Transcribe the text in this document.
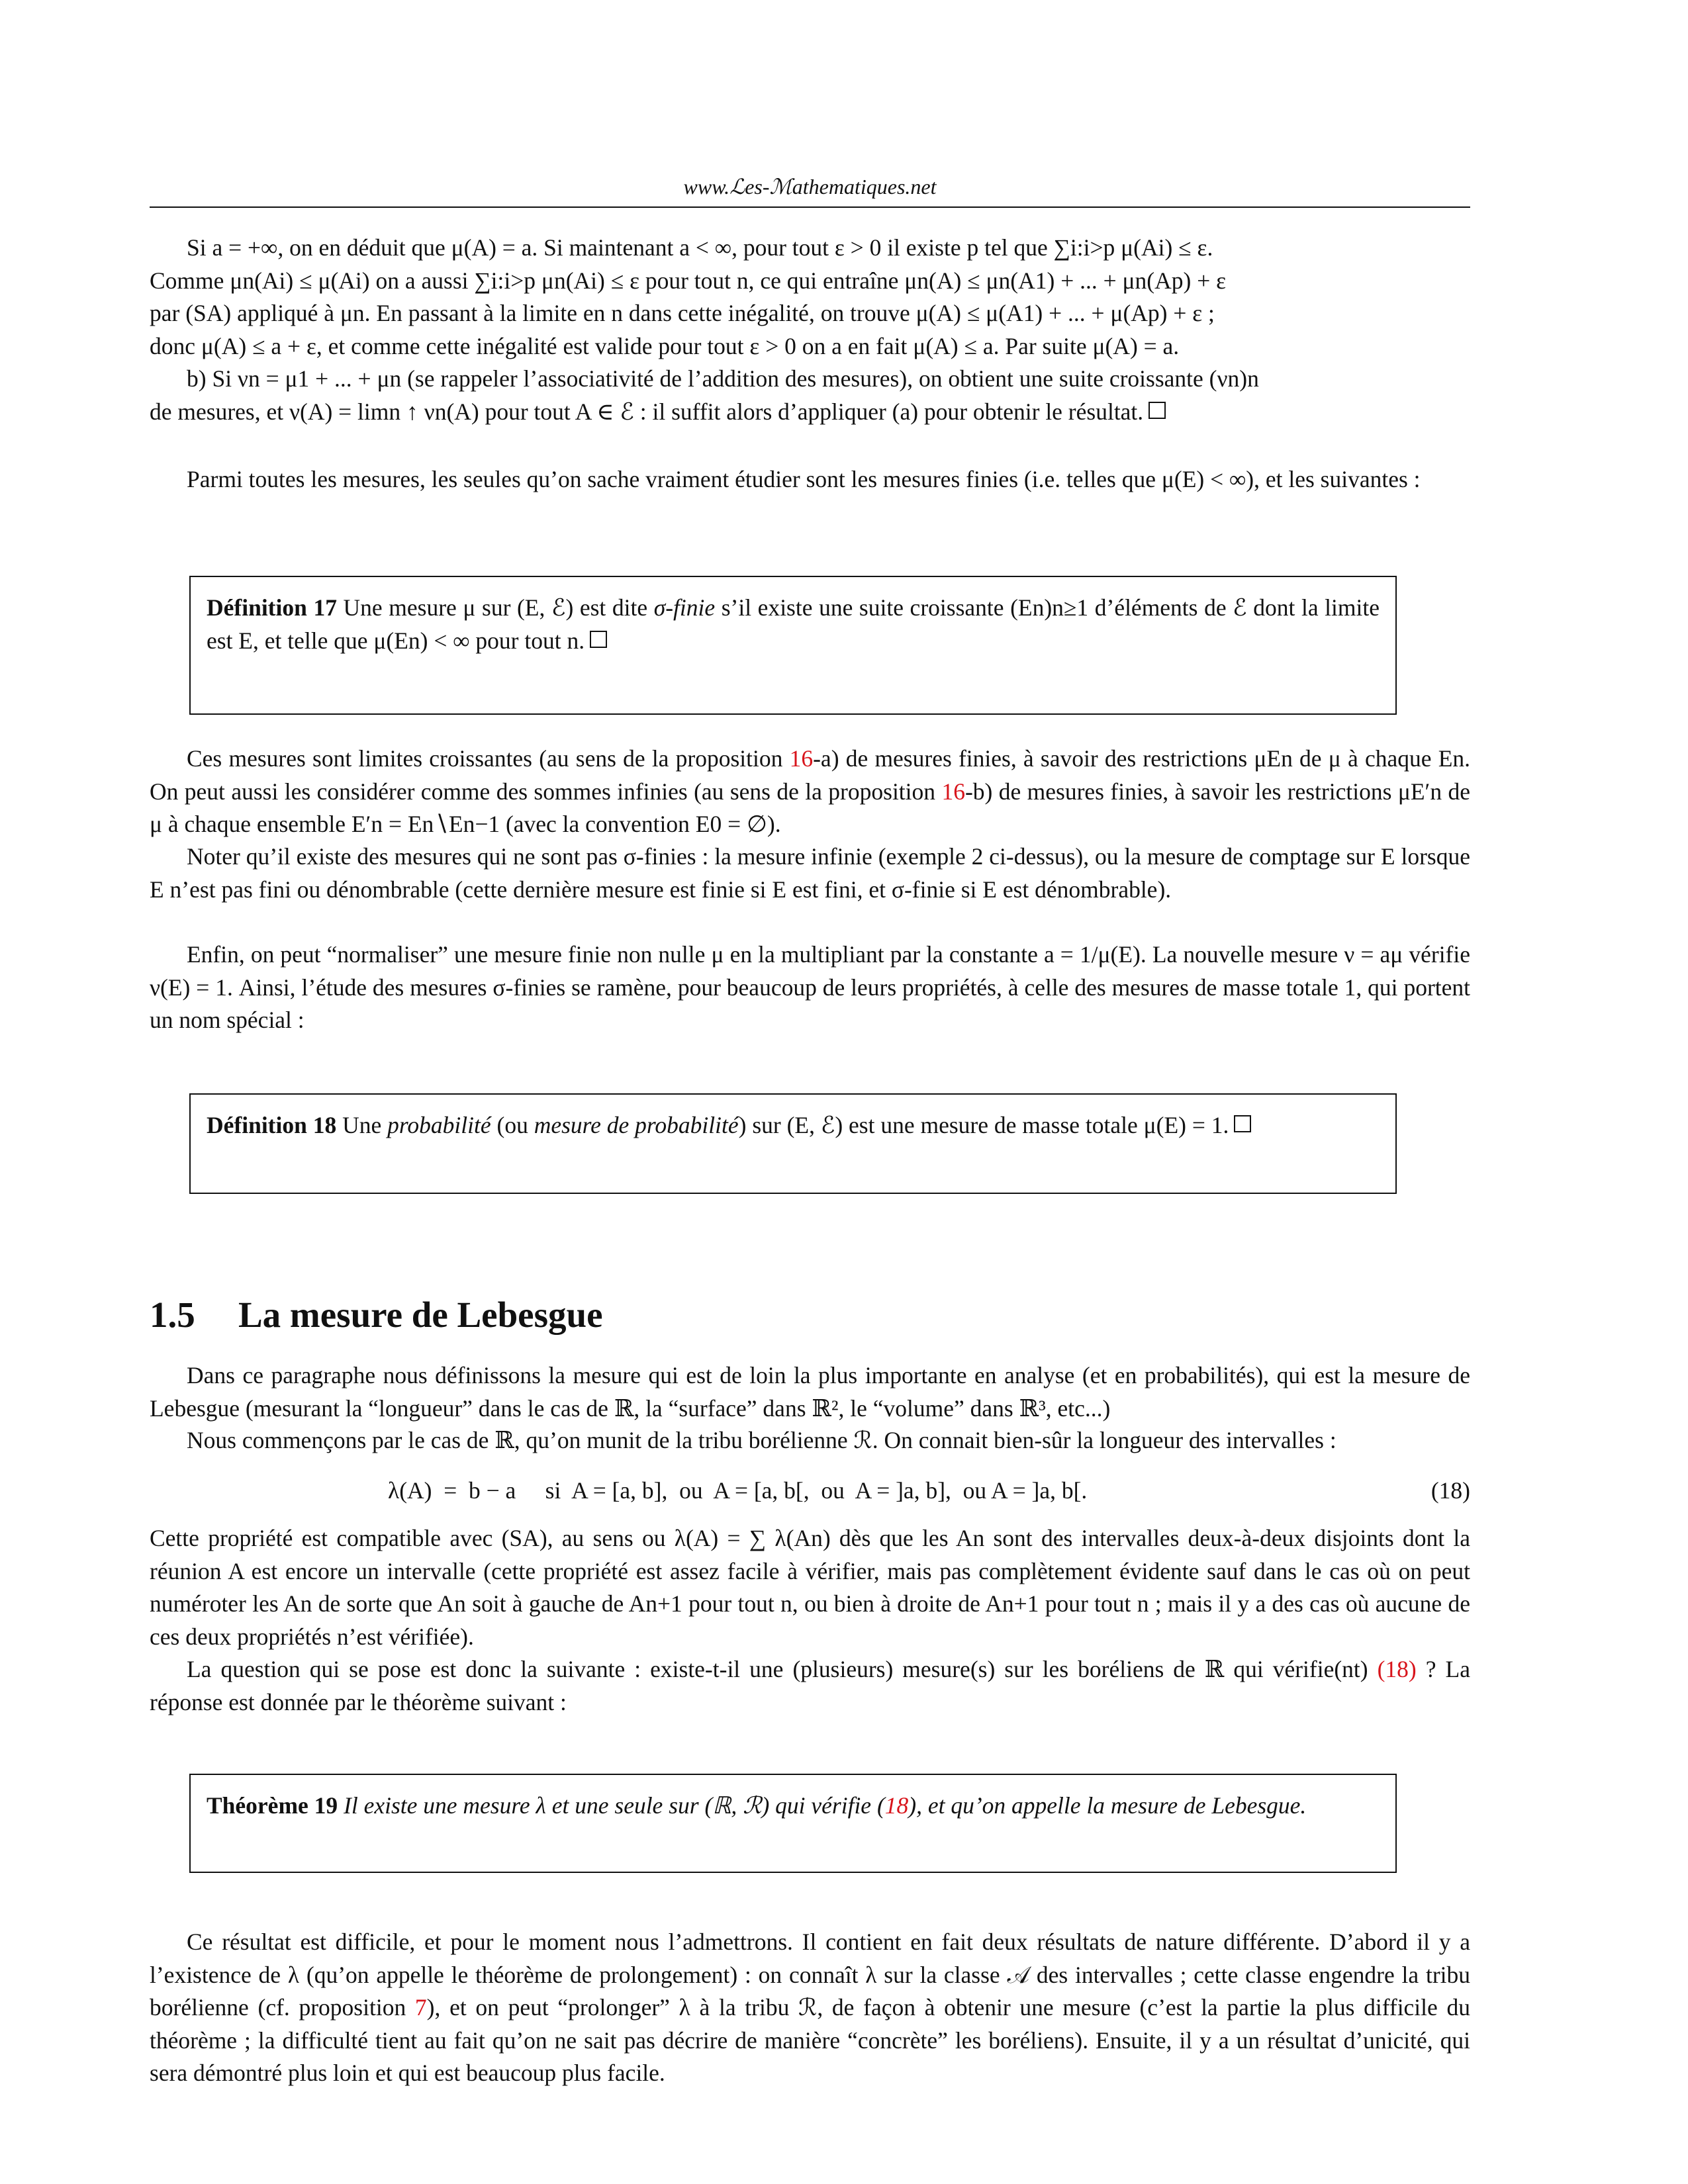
www.ℒes-ℳathematiques.net
Si a = +∞, on en déduit que μ(A) = a. Si maintenant a < ∞, pour tout ε > 0 il existe p tel que ∑i:i>p μ(Ai) ≤ ε.
Comme μn(Ai) ≤ μ(Ai) on a aussi ∑i:i>p μn(Ai) ≤ ε pour tout n, ce qui entraîne μn(A) ≤ μn(A1) + ... + μn(Ap) + ε
par (SA) appliqué à μn. En passant à la limite en n dans cette inégalité, on trouve μ(A) ≤ μ(A1) + ... + μ(Ap) + ε ;
donc μ(A) ≤ a + ε, et comme cette inégalité est valide pour tout ε > 0 on a en fait μ(A) ≤ a. Par suite μ(A) = a.
b) Si νn = μ1 + ... + μn (se rappeler l’associativité de l’addition des mesures), on obtient une suite croissante (νn)n
de mesures, et ν(A) = limn ↑ νn(A) pour tout A ∈ ℰ : il suffit alors d’appliquer (a) pour obtenir le résultat.
Parmi toutes les mesures, les seules qu’on sache vraiment étudier sont les mesures finies (i.e. telles que μ(E) < ∞), et les suivantes :
Définition 17 Une mesure μ sur (E, ℰ) est dite σ-finie s’il existe une suite croissante (En)n≥1 d’éléments de ℰ dont la limite est E, et telle que μ(En) < ∞ pour tout n.
Ces mesures sont limites croissantes (au sens de la proposition 16-a) de mesures finies, à savoir des restrictions μEn de μ à chaque En. On peut aussi les considérer comme des sommes infinies (au sens de la proposition 16-b) de mesures finies, à savoir les restrictions μE′n de μ à chaque ensemble E′n = En∖En−1 (avec la convention E0 = ∅).
Noter qu’il existe des mesures qui ne sont pas σ-finies : la mesure infinie (exemple 2 ci-dessus), ou la mesure de comptage sur E lorsque E n’est pas fini ou dénombrable (cette dernière mesure est finie si E est fini, et σ-finie si E est dénombrable).
Enfin, on peut “normaliser” une mesure finie non nulle μ en la multipliant par la constante a = 1/μ(E). La nouvelle mesure ν = aμ vérifie ν(E) = 1. Ainsi, l’étude des mesures σ-finies se ramène, pour beaucoup de leurs propriétés, à celle des mesures de masse totale 1, qui portent un nom spécial :
Définition 18 Une probabilité (ou mesure de probabilité) sur (E, ℰ) est une mesure de masse totale μ(E) = 1.
1.5 La mesure de Lebesgue
Dans ce paragraphe nous définissons la mesure qui est de loin la plus importante en analyse (et en probabilités), qui est la mesure de Lebesgue (mesurant la “longueur” dans le cas de ℝ, la “surface” dans ℝ², le “volume” dans ℝ³, etc...)
Nous commençons par le cas de ℝ, qu’on munit de la tribu borélienne ℛ. On connait bien-sûr la longueur des intervalles :
λ(A)  =  b − a     si  A = [a, b],  ou  A = [a, b[,  ou  A = ]a, b],  ou A = ]a, b[.	(18)
Cette propriété est compatible avec (SA), au sens ou λ(A) = ∑ λ(An) dès que les An sont des intervalles deux-à-deux disjoints dont la réunion A est encore un intervalle (cette propriété est assez facile à vérifier, mais pas complètement évidente sauf dans le cas où on peut numéroter les An de sorte que An soit à gauche de An+1 pour tout n, ou bien à droite de An+1 pour tout n ; mais il y a des cas où aucune de ces deux propriétés n’est vérifiée).
La question qui se pose est donc la suivante : existe-t-il une (plusieurs) mesure(s) sur les boréliens de ℝ qui vérifie(nt) (18) ? La réponse est donnée par le théorème suivant :
Théorème 19 Il existe une mesure λ et une seule sur (ℝ, ℛ) qui vérifie (18), et qu’on appelle la mesure de Lebesgue.
Ce résultat est difficile, et pour le moment nous l’admettrons. Il contient en fait deux résultats de nature différente. D’abord il y a l’existence de λ (qu’on appelle le théorème de prolongement) : on connaît λ sur la classe 𝒜 des intervalles ; cette classe engendre la tribu borélienne (cf. proposition 7), et on peut “prolonger” λ à la tribu ℛ, de façon à obtenir une mesure (c’est la partie la plus difficile du théorème ; la difficulté tient au fait qu’on ne sait pas décrire de manière “concrète” les boréliens). Ensuite, il y a un résultat d’unicité, qui sera démontré plus loin et qui est beaucoup plus facile.
